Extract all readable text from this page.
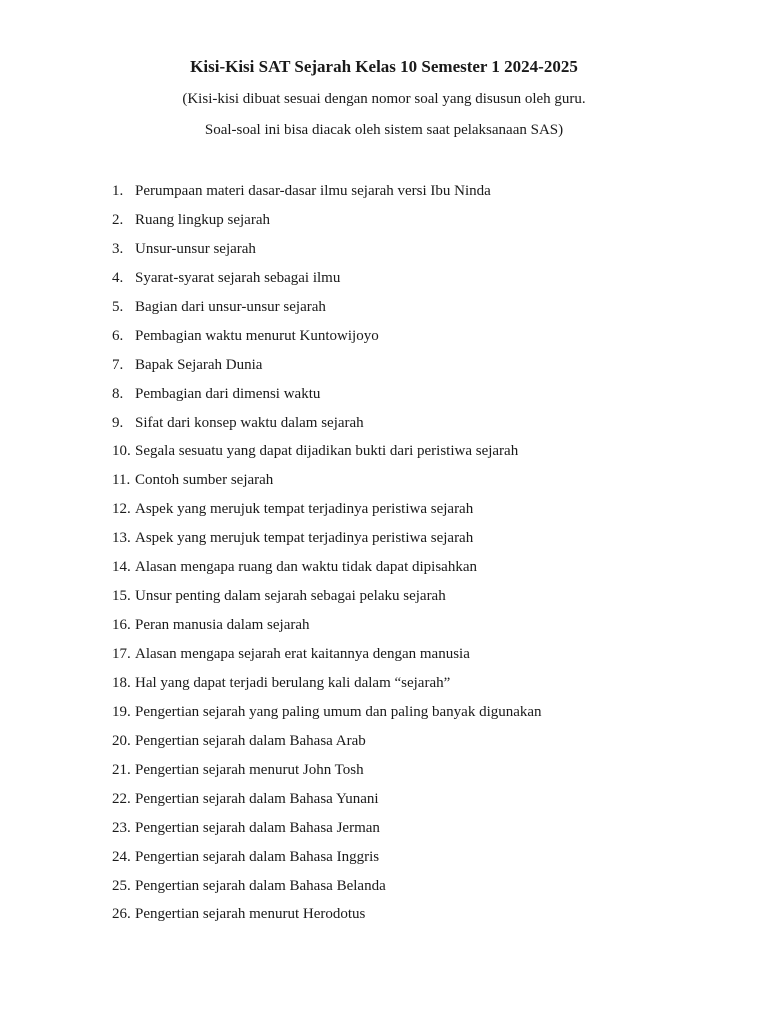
Kisi-Kisi SAT Sejarah Kelas 10 Semester 1 2024-2025
(Kisi-kisi dibuat sesuai dengan nomor soal yang disusun oleh guru.
Soal-soal ini bisa diacak oleh sistem saat pelaksanaan SAS)
1. Perumpaan materi dasar-dasar ilmu sejarah versi Ibu Ninda
2. Ruang lingkup sejarah
3. Unsur-unsur sejarah
4. Syarat-syarat sejarah sebagai ilmu
5. Bagian dari unsur-unsur sejarah
6. Pembagian waktu menurut Kuntowijoyo
7. Bapak Sejarah Dunia
8. Pembagian dari dimensi waktu
9. Sifat dari konsep waktu dalam sejarah
10. Segala sesuatu yang dapat dijadikan bukti dari peristiwa sejarah
11. Contoh sumber sejarah
12. Aspek yang merujuk tempat terjadinya peristiwa sejarah
13. Aspek yang merujuk tempat terjadinya peristiwa sejarah
14. Alasan mengapa ruang dan waktu tidak dapat dipisahkan
15. Unsur penting dalam sejarah sebagai pelaku sejarah
16. Peran manusia dalam sejarah
17. Alasan mengapa sejarah erat kaitannya dengan manusia
18. Hal yang dapat terjadi berulang kali dalam “sejarah”
19. Pengertian sejarah yang paling umum dan paling banyak digunakan
20. Pengertian sejarah dalam Bahasa Arab
21. Pengertian sejarah menurut John Tosh
22. Pengertian sejarah dalam Bahasa Yunani
23. Pengertian sejarah dalam Bahasa Jerman
24. Pengertian sejarah dalam Bahasa Inggris
25. Pengertian sejarah dalam Bahasa Belanda
26. Pengertian sejarah menurut Herodotus
